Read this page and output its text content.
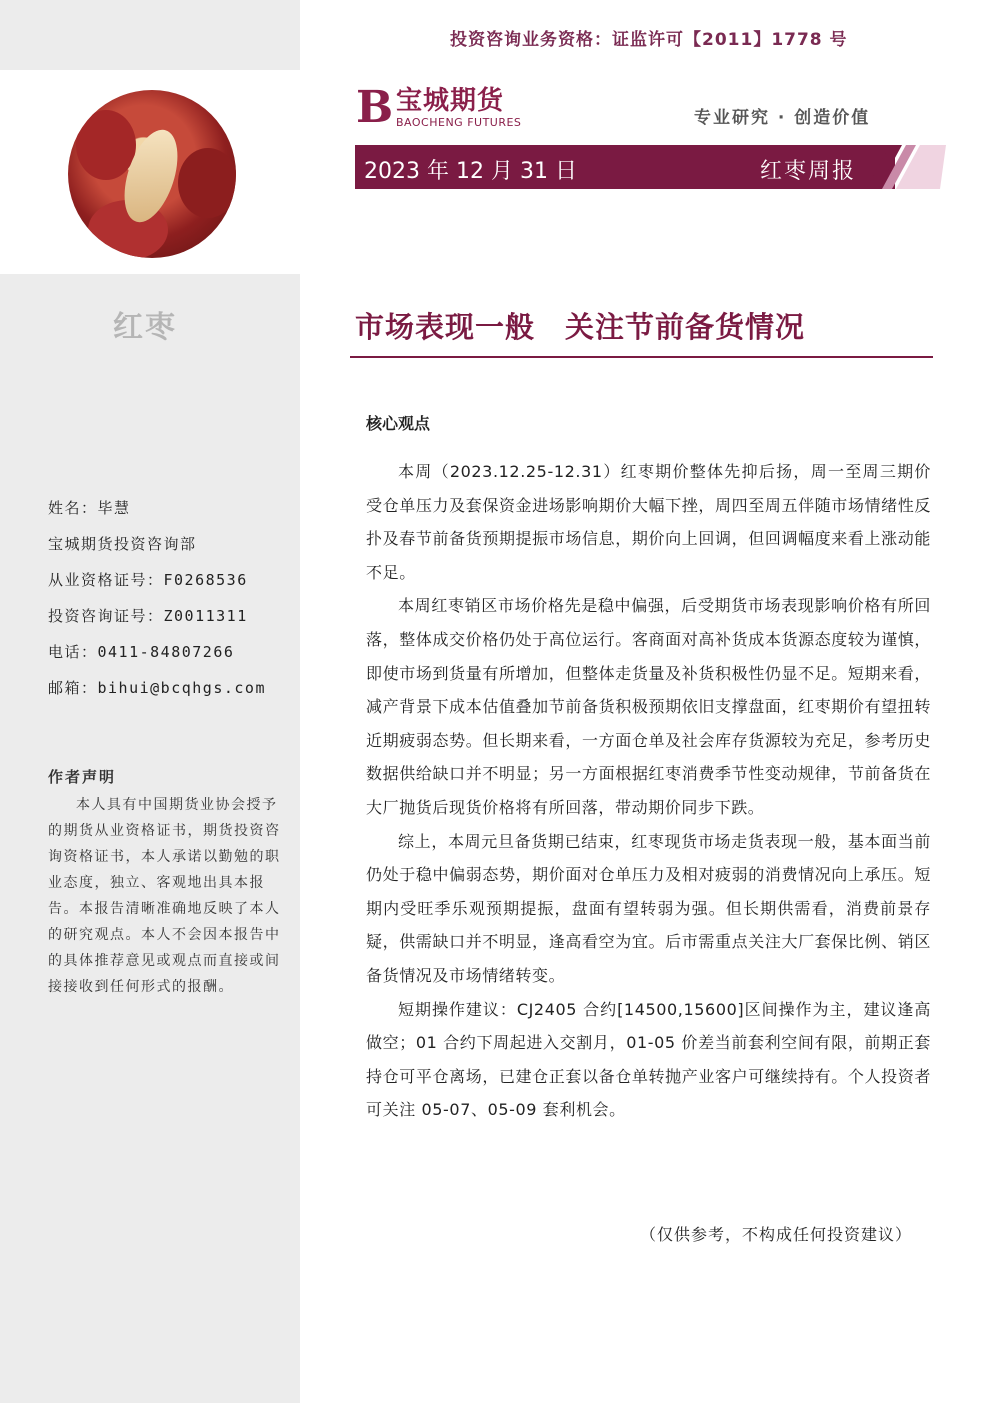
红枣
投资咨询业务资格：证监许可【2011】1778 号
B 宝城期货
BAOCHENG FUTURES	专业研究 · 创造价值
2023 年 12 月 31 日	红枣周报
市场表现一般　关注节前备货情况
姓名：毕慧
宝城期货投资咨询部
从业资格证号：F0268536
投资咨询证号：Z0011311
电话：0411-84807266
邮箱：bihui@bcqhgs.com
作者声明
本人具有中国期货业协会授予的期货从业资格证书，期货投资咨询资格证书，本人承诺以勤勉的职业态度，独立、客观地出具本报告。本报告清晰准确地反映了本人的研究观点。本人不会因本报告中的具体推荐意见或观点而直接或间接接收到任何形式的报酬。
核心观点

本周（2023.12.25-12.31）红枣期价整体先抑后扬，周一至周三期价受仓单压力及套保资金进场影响期价大幅下挫，周四至周五伴随市场情绪性反扑及春节前备货预期提振市场信息，期价向上回调，但回调幅度来看上涨动能不足。

本周红枣销区市场价格先是稳中偏强，后受期货市场表现影响价格有所回落，整体成交价格仍处于高位运行。客商面对高补货成本货源态度较为谨慎，即使市场到货量有所增加，但整体走货量及补货积极性仍显不足。短期来看，减产背景下成本估值叠加节前备货积极预期依旧支撑盘面，红枣期价有望扭转近期疲弱态势。但长期来看，一方面仓单及社会库存货源较为充足，参考历史数据供给缺口并不明显；另一方面根据红枣消费季节性变动规律，节前备货在大厂抛货后现货价格将有所回落，带动期价同步下跌。

综上，本周元旦备货期已结束，红枣现货市场走货表现一般，基本面当前仍处于稳中偏弱态势，期价面对仓单压力及相对疲弱的消费情况向上承压。短期内受旺季乐观预期提振，盘面有望转弱为强。但长期供需看，消费前景存疑，供需缺口并不明显，逢高看空为宜。后市需重点关注大厂套保比例、销区备货情况及市场情绪转变。

短期操作建议：CJ2405 合约[14500,15600]区间操作为主，建议逢高做空；01 合约下周起进入交割月，01-05 价差当前套利空间有限，前期正套持仓可平仓离场，已建仓正套以备仓单转抛产业客户可继续持有。个人投资者可关注 05-07、05-09 套利机会。

（仅供参考，不构成任何投资建议）
